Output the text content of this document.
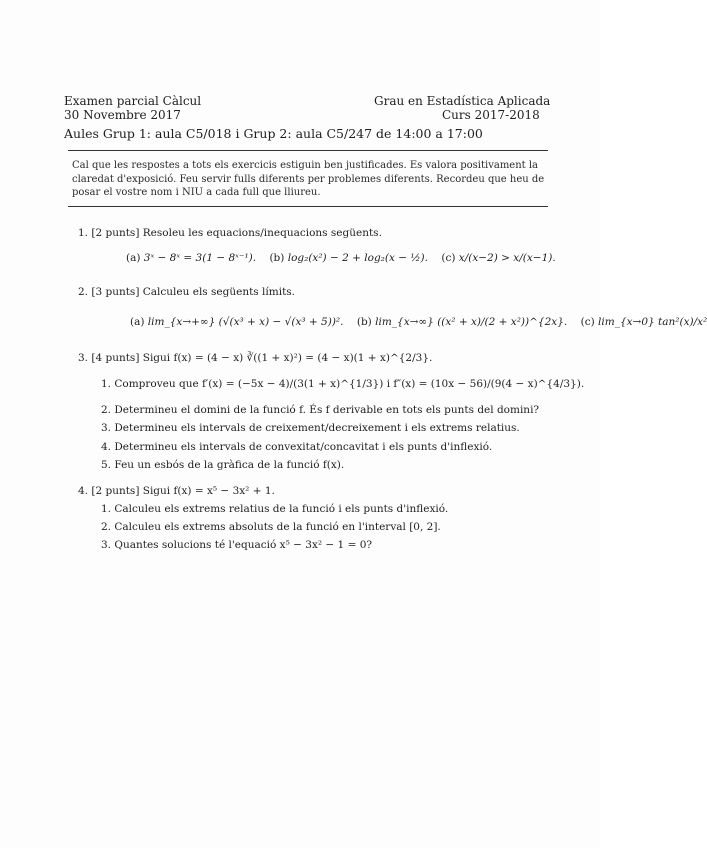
Examen parcial Càlcul
30 Novembre 2017
Grau en Estadística Aplicada
Curs 2017-2018
Aules Grup 1: aula C5/018 i Grup 2: aula C5/247 de 14:00 a 17:00
Cal que les respostes a tots els exercicis estiguin ben justificades. Es valora positivament la claredat d'exposició. Feu servir fulls diferents per problemes diferents. Recordeu que heu de posar el vostre nom i NIU a cada full que lliureu.
1. [2 punts] Resoleu les equacions/inequacions següents.
(a) 3ˣ − 8ˣ = 3(1 − 8ˣ⁻¹). (b) log₂(x²) − 2 + log₂(x − ½). (c) x/(x−2) > x/(x−1).
2. [3 punts] Calculeu els següents límits.
(a) lim_{x→+∞} (√(x³ + x) − √(x³ + 5))². (b) lim_{x→∞} ((x² + x)/(2 + x²))^{2x}. (c) lim_{x→0} tan²(x)/x²
3. [4 punts] Sigui f(x) = (4 − x) ∛((1 + x)²) = (4 − x)(1 + x)^{2/3}.
1. Comproveu que f′(x) = (−5x − 4)/(3(1 + x)^{1/3}) i f″(x) = (10x − 56)/(9(4 − x)^{4/3}).
2. Determineu el domini de la funció f. És f derivable en tots els punts del domini?
3. Determineu els intervals de creixement/decreixement i els extrems relatius.
4. Determineu els intervals de convexitat/concavitat i els punts d'inflexió.
5. Feu un esbós de la gràfica de la funció f(x).
4. [2 punts] Sigui f(x) = x⁵ − 3x² + 1.
1. Calculeu els extrems relatius de la funció i els punts d'inflexió.
2. Calculeu els extrems absoluts de la funció en l'interval [0, 2].
3. Quantes solucions té l'equació x⁵ − 3x² − 1 = 0?
